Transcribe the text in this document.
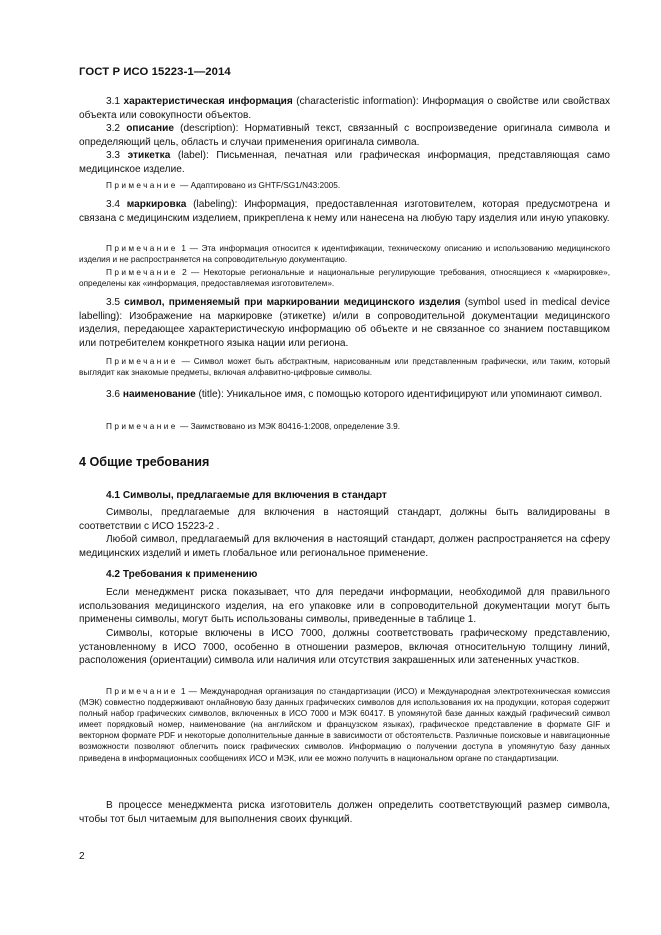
ГОСТ Р ИСО 15223-1—2014

3.1 характеристическая информация (characteristic information): Информация о свойстве или свойствах объекта или совокупности объектов.

3.2 описание (description): Нормативный текст, связанный с воспроизведение оригинала символа и определяющий цель, область и случаи применения оригинала символа.

3.3 этикетка (label): Письменная, печатная или графическая информация, представляющая само медицинское изделие.

Примечание — Адаптировано из GHTF/SG1/N43:2005.

3.4 маркировка (labeling): Информация, предоставленная изготовителем, которая предусмотрена и связана с медицинским изделием, прикреплена к нему или нанесена на любую тару изделия или иную упаковку.

Примечание 1 — Эта информация относится к идентификации, техническому описанию и использованию медицинского изделия и не распространяется на сопроводительную документацию.

Примечание 2 — Некоторые региональные и национальные регулирующие требования, относящиеся к «маркировке», определены как «информация, предоставляемая изготовителем».

3.5 символ, применяемый при маркировании медицинского изделия (symbol used in medical device labelling): Изображение на маркировке (этикетке) и/или в сопроводительной документации медицинского изделия, передающее характеристическую информацию об объекте и не связанное со знанием поставщиком или потребителем конкретного языка нации или региона.

Примечание — Символ может быть абстрактным, нарисованным или представленным графически, или таким, который выглядит как знакомые предметы, включая алфавитно-цифровые символы.

3.6 наименование (title): Уникальное имя, с помощью которого идентифицируют или упоминают символ.

Примечание — Заимствовано из МЭК 80416-1:2008, определение 3.9.

4 Общие требования

4.1 Символы, предлагаемые для включения в стандарт

Символы, предлагаемые для включения в настоящий стандарт, должны быть валидированы в соответствии с ИСО 15223-2 .

Любой символ, предлагаемый для включения в настоящий стандарт, должен распространяется на сферу медицинских изделий и иметь глобальное или региональное применение.

4.2 Требования к применению

Если менеджмент риска показывает, что для передачи информации, необходимой для правильного использования медицинского изделия, на его упаковке или в сопроводительной документации могут быть применены символы, могут быть использованы символы, приведенные в таблице 1.

Символы, которые включены в ИСО 7000, должны соответствовать графическому представлению, установленному в ИСО 7000, особенно в отношении размеров, включая относительную толщину линий, расположения (ориентации) символа или наличия или отсутствия закрашенных или затененных участков.

Примечание 1 — Международная организация по стандартизации (ИСО) и Международная электротехническая комиссия (МЭК) совместно поддерживают онлайновую базу данных графических символов для использования их на продукции, которая содержит полный набор графических символов, включенных в ИСО 7000 и МЭК 60417. В упомянутой базе данных каждый графический символ имеет порядковый номер, наименование (на английском и французском языках), графическое представление в формате GIF и векторном формате PDF и некоторые дополнительные данные в зависимости от обстоятельств. Различные поисковые и навигационные возможности позволяют облегчить поиск графических символов. Информацию о получении доступа в упомянутую базу данных приведена в информационных сообщениях ИСО и МЭК, или ее можно получить в национальном органе по стандартизации.

В процессе менеджмента риска изготовитель должен определить соответствующий размер символа, чтобы тот был читаемым для выполнения своих функций.

2
